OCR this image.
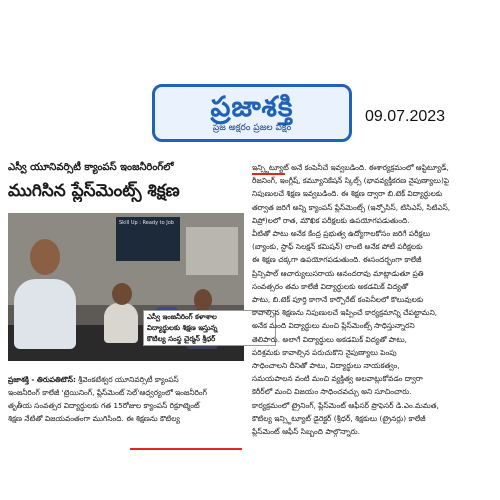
ప్రజాశక్తి
ప్రజ అక్షరం ప్రజల పక్షం
09.07.2023
ఎస్వీ యూనివర్సిటీ క్యాంపస్ ఇంజనీరింగ్‌లో
ముగిసిన ప్లేస్‌మెంట్స్ శిక్షణ
Skill Up : Ready to Job
ఎస్వీ ఇంజనీరింగ్ కళాశాల
విద్యార్థులకు శిక్షణ ఇస్తున్న
కొటిల్య సంస్థ చైర్మన్ శ్రీధర్

ప్రజాశక్తి - తిరుపతిటౌన్: శ్రీవెంకటేశ్వర యూనివర్సిటీ క్యాంపస్

ఇంజనీరింగ్ కాలేజీ 'ట్రెయినింగ్, ప్లేస్‌మెంట్ సెల్'ఆధ్వర్యంలో ఇంజనీరింగ్

తృతీయ సంవత్సర విద్యార్థులకు గత 15రోజుల క్యాంపస్ రిక్రూట్మెంట్

శిక్షణ నేటితో విజయవంతంగా ముగిసింది. ఈ శిక్షణను కౌటిల్య

ఇన్స్టిట్యూట్ అనే కంపెనీచే ఇవ్వబడింది. ఈశార్యక్రమంలో ఆప్టిట్యూడ్,

రీజనింగ్, ఇంగ్లీష్, కమ్యూనికేషన్ స్కిల్స్ (భావవ్యక్తీకరణ నైపుణ్యాలు)పై

నిపుణులచే శిక్షణ ఇవ్వబడింది. ఈ శిక్షణ ద్వారా బి.టెక్ విద్యార్థులకు

తర్వాత జరిగే అన్ని క్యాంపస్ ప్లేస్‌మెంట్స్ (ఇన్ఫోసిస్, టిసిఎస్, సిటిఎస్,

విప్రో)లలో రాత, మౌఖిక పరీక్షలకు ఉపయోగపడుతుంది.

వీటితో పాటు అనేక కేంద్ర ప్రభుత్వ ఉద్యోగాలకోసం జరిగే పరీక్షలు

(బ్యాంకు, స్టాఫ్ సెలక్షన్ కమిషన్) లాంటి అనేక పోటీ పరీక్షలకు

ఈ శిక్షణ చక్కగా ఉపయోగపడుతుంది. ఈసందర్భంగా కాలేజీ

ప్రిన్సిపాల్ ఆచార్యులుసరాయ ఆనందరావు మాట్లాడుతూ ప్రతి

సంవత్సరం తమ కాలేజీ విద్యార్థులకు అకడమిక్ విద్యతో

పాటు, బి.టెక్ పూర్తి కాగానే కార్పొరేట్ కంపెనీలలో కొలువులకు

కావాల్సిన శిక్షణను నిపుణులచే ఇప్పించే కార్యక్రమాన్ని చేపట్టామని,

అనేక మంది విద్యార్థులు మంచి ప్లేస్‌మెంట్స్ సాధిస్తున్నారని

తెలిపారు. అలాగే విద్యార్థులు అకడమిక్ విద్యతో పాటు,

పరిశ్రమకు కావాల్సిన పరుచుకొని నైపుణ్యాలు పెంపు

సాధించాలని దీనితో పాటు, విద్యార్థులు నాయకత్వం,

సమయపాలన వంటి మంచి వ్యక్తిత్వ అలవాట్లుకోవడం ద్వారా

కెరీర్‌లో మంచి విజయం సాధించవచ్చు అని సూచించారు.

కార్యక్రమంలో ట్రైనింగ్, ప్లేస్‌మెంట్ ఆఫీసర్ ప్రొఫెసర్ డి.ఎం.మమత,

కౌటిల్య ఇన్స్టిట్యూట్ డైరెక్టర్ (శ్రీధర్, శిక్షకులు (ట్రైనర్లు) కాలేజీ

ప్లేస్‌మెంట్ ఆఫీస్ సిబ్బంది పాల్గొన్నారు.
